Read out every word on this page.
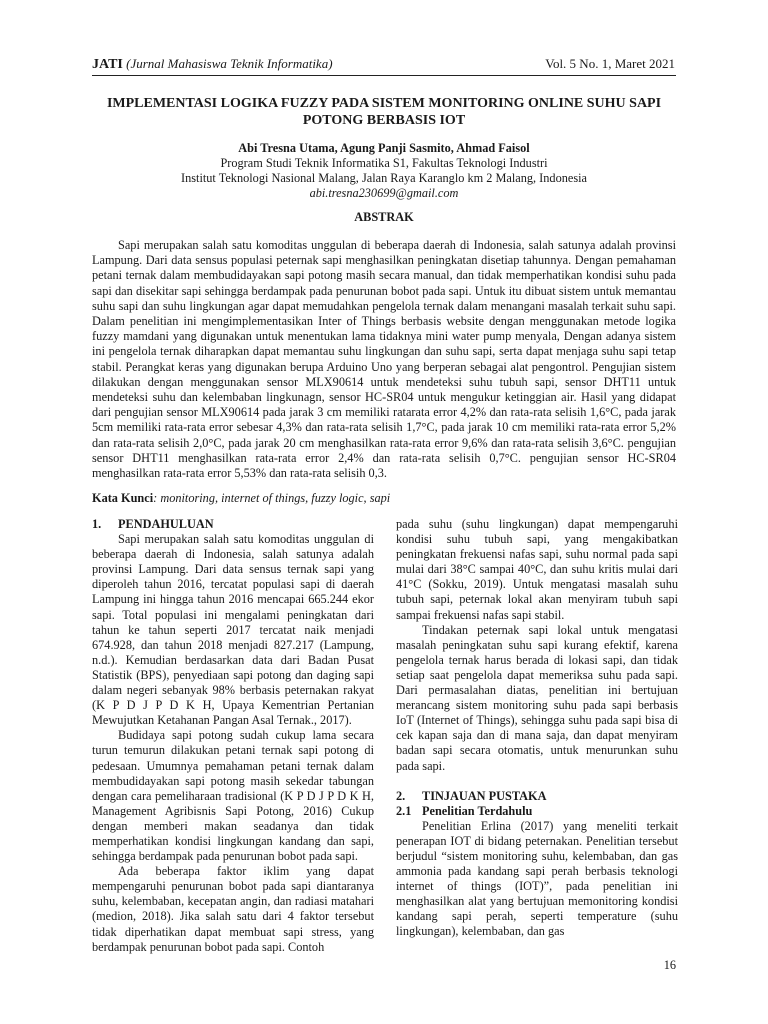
JATI (Jurnal Mahasiswa Teknik Informatika)	Vol. 5 No. 1, Maret 2021
IMPLEMENTASI LOGIKA FUZZY PADA SISTEM MONITORING ONLINE SUHU SAPI POTONG BERBASIS IOT
Abi Tresna Utama, Agung Panji Sasmito, Ahmad Faisol
Program Studi Teknik Informatika S1, Fakultas Teknologi Industri
Institut Teknologi Nasional Malang, Jalan Raya Karanglo km 2 Malang, Indonesia
abi.tresna230699@gmail.com
ABSTRAK

Sapi merupakan salah satu komoditas unggulan di beberapa daerah di Indonesia, salah satunya adalah provinsi Lampung. Dari data sensus populasi peternak sapi menghasilkan peningkatan disetiap tahunnya. Dengan pemahaman petani ternak dalam membudidayakan sapi potong masih secara manual, dan tidak memperhatikan kondisi suhu pada sapi dan disekitar sapi sehingga berdampak pada penurunan bobot pada sapi. Untuk itu dibuat sistem untuk memantau suhu sapi dan suhu lingkungan agar dapat memudahkan pengelola ternak dalam menangani masalah terkait suhu sapi. Dalam penelitian ini mengimplementasikan Inter of Things berbasis website dengan menggunakan metode logika fuzzy mamdani yang digunakan untuk menentukan lama tidaknya mini water pump menyala, Dengan adanya sistem ini pengelola ternak diharapkan dapat memantau suhu lingkungan dan suhu sapi, serta dapat menjaga suhu sapi tetap stabil. Perangkat keras yang digunakan berupa Arduino Uno yang berperan sebagai alat pengontrol. Pengujian sistem dilakukan dengan menggunakan sensor MLX90614 untuk mendeteksi suhu tubuh sapi, sensor DHT11 untuk mendeteksi suhu dan kelembaban lingkunagn, sensor HC-SR04 untuk mengukur ketinggian air. Hasil yang didapat dari pengujian sensor MLX90614 pada jarak 3 cm memiliki ratarata error 4,2% dan rata-rata selisih 1,6°C, pada jarak 5cm memiliki rata-rata error sebesar 4,3% dan rata-rata selisih 1,7°C, pada jarak 10 cm memiliki rata-rata error 5,2% dan rata-rata selisih 2,0°C, pada jarak 20 cm menghasilkan rata-rata error 9,6% dan rata-rata selisih 3,6°C. pengujian sensor DHT11 menghasilkan rata-rata error 2,4% dan rata-rata selisih 0,7°C. pengujian sensor HC-SR04 menghasilkan rata-rata error 5,53% dan rata-rata selisih 0,3.

Kata Kunci: monitoring, internet of things, fuzzy logic, sapi
1.	PENDAHULUAN

Sapi merupakan salah satu komoditas unggulan di beberapa daerah di Indonesia, salah satunya adalah provinsi Lampung. Dari data sensus ternak sapi yang diperoleh tahun 2016, tercatat populasi sapi di daerah Lampung ini hingga tahun 2016 mencapai 665.244 ekor sapi. Total populasi ini mengalami peningkatan dari tahun ke tahun seperti 2017 tercatat naik menjadi 674.928, dan tahun 2018 menjadi 827.217 (Lampung, n.d.). Kemudian berdasarkan data dari Badan Pusat Statistik (BPS), penyediaan sapi potong dan daging sapi dalam negeri sebanyak 98% berbasis peternakan rakyat (K P D J P D K H, Upaya Kementrian Pertanian Mewujutkan Ketahanan Pangan Asal Ternak., 2017).

Budidaya sapi potong sudah cukup lama secara turun temurun dilakukan petani ternak sapi potong di pedesaan. Umumnya pemahaman petani ternak dalam membudidayakan sapi potong masih sekedar tabungan dengan cara pemeliharaan tradisional (K P D J P D K H, Management Agribisnis Sapi Potong, 2016) Cukup dengan memberi makan seadanya dan tidak memperhatikan kondisi lingkungan kandang dan sapi, sehingga berdampak pada penurunan bobot pada sapi.

Ada beberapa faktor iklim yang dapat mempengaruhi penurunan bobot pada sapi diantaranya suhu, kelembaban, kecepatan angin, dan radiasi matahari (medion, 2018). Jika salah satu dari 4 faktor tersebut tidak diperhatikan dapat membuat sapi stress, yang berdampak penurunan bobot pada sapi. Contoh

pada suhu (suhu lingkungan) dapat mempengaruhi kondisi suhu tubuh sapi, yang mengakibatkan peningkatan frekuensi nafas sapi, suhu normal pada sapi mulai dari 38°C sampai 40°C, dan suhu kritis mulai dari 41°C (Sokku, 2019). Untuk mengatasi masalah suhu tubuh sapi, peternak lokal akan menyiram tubuh sapi sampai frekuensi nafas sapi stabil.

Tindakan peternak sapi lokal untuk mengatasi masalah peningkatan suhu sapi kurang efektif, karena pengelola ternak harus berada di lokasi sapi, dan tidak setiap saat pengelola dapat memeriksa suhu pada sapi. Dari permasalahan diatas, penelitian ini bertujuan merancang sistem monitoring suhu pada sapi berbasis IoT (Internet of Things), sehingga suhu pada sapi bisa di cek kapan saja dan di mana saja, dan dapat menyiram badan sapi secara otomatis, untuk menurunkan suhu pada sapi.

2.	TINJAUAN PUSTAKA
2.1 Penelitian Terdahulu

Penelitian Erlina (2017) yang meneliti terkait penerapan IOT di bidang peternakan. Penelitian tersebut berjudul “sistem monitoring suhu, kelembaban, dan gas ammonia pada kandang sapi perah berbasis teknologi internet of things (IOT)”, pada penelitian ini menghasilkan alat yang bertujuan memonitoring kondisi kandang sapi perah, seperti temperature (suhu lingkungan), kelembaban, dan gas

16
